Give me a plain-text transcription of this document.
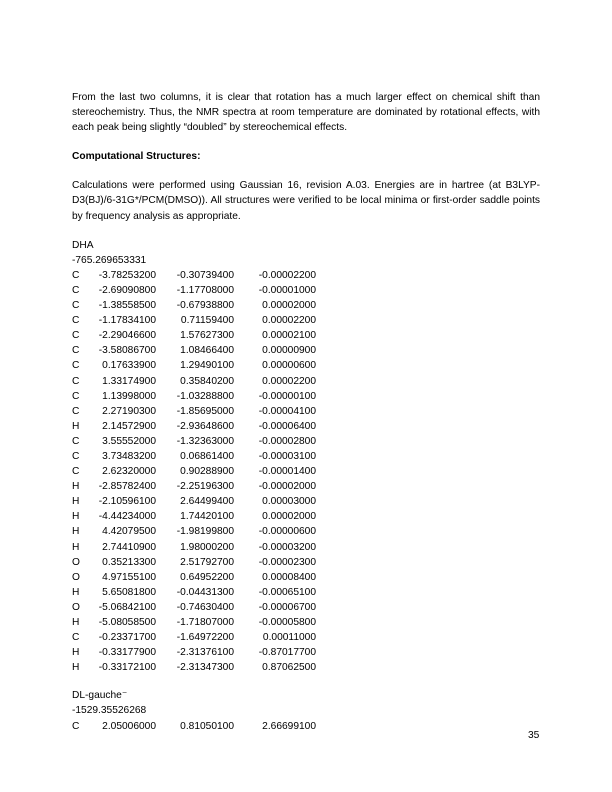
From the last two columns, it is clear that rotation has a much larger effect on chemical shift than stereochemistry. Thus, the NMR spectra at room temperature are dominated by rotational effects, with each peak being slightly “doubled” by stereochemical effects.

Computational Structures:

Calculations were performed using Gaussian 16, revision A.03. Energies are in hartree (at B3LYP-D3(BJ)/6-31G*/PCM(DMSO)). All structures were verified to be local minima or first-order saddle points by frequency analysis as appropriate.

DHA
-765.269653331
C	-3.78253200	-0.30739400	-0.00002200
C	-2.69090800	-1.17708000	-0.00001000
C	-1.38558500	-0.67938800	0.00002000
C	-1.17834100	0.71159400	0.00002200
C	-2.29046600	1.57627300	0.00002100
C	-3.58086700	1.08466400	0.00000900
C	0.17633900	1.29490100	0.00000600
C	1.33174900	0.35840200	0.00002200
C	1.13998000	-1.03288800	-0.00000100
C	2.27190300	-1.85695000	-0.00004100
H	2.14572900	-2.93648600	-0.00006400
C	3.55552000	-1.32363000	-0.00002800
C	3.73483200	0.06861400	-0.00003100
C	2.62320000	0.90288900	-0.00001400
H	-2.85782400	-2.25196300	-0.00002000
H	-2.10596100	2.64499400	0.00003000
H	-4.44234000	1.74420100	0.00002000
H	4.42079500	-1.98199800	-0.00000600
H	2.74410900	1.98000200	-0.00003200
O	0.35213300	2.51792700	-0.00002300
O	4.97155100	0.64952200	0.00008400
H	5.65081800	-0.04431300	-0.00065100
O	-5.06842100	-0.74630400	-0.00006700
H	-5.08058500	-1.71807000	-0.00005800
C	-0.23371700	-1.64972200	0.00011000
H	-0.33177900	-2.31376100	-0.87017700
H	-0.33172100	-2.31347300	0.87062500
DL-gauche⁻
-1529.35526268
C	2.05006000	0.81050100	2.66699100
35
